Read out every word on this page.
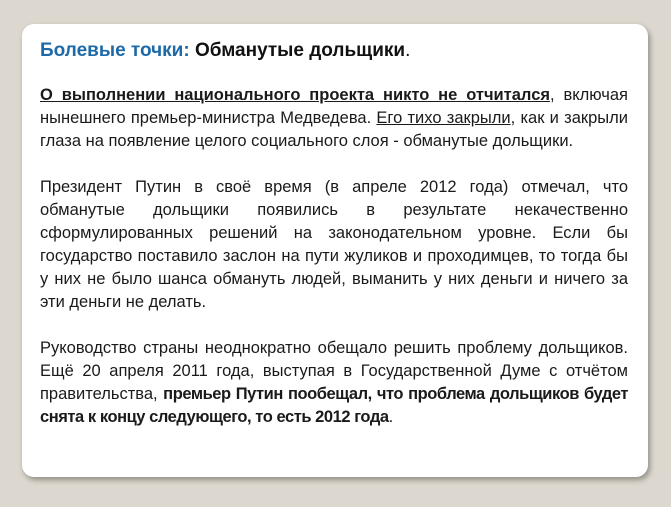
Болевые точки: Обманутые дольщики.

О выполнении национального проекта никто не отчитался, включая нынешнего премьер-министра Медведева. Его тихо закрыли, как и закрыли глаза на появление целого социального слоя - обманутые дольщики.

Президент Путин в своё время (в апреле 2012 года) отмечал, что обманутые дольщики появились в результате некачественно сформулированных решений на законодательном уровне. Если бы государство поставило заслон на пути жуликов и проходимцев, то тогда бы у них не было шанса обмануть людей, выманить у них деньги и ничего за эти деньги не делать.

Руководство страны неоднократно обещало решить проблему дольщиков. Ещё 20 апреля 2011 года, выступая в Государственной Думе с отчётом правительства, премьер Путин пообещал, что проблема дольщиков будет снята к концу следующего, то есть 2012 года.
